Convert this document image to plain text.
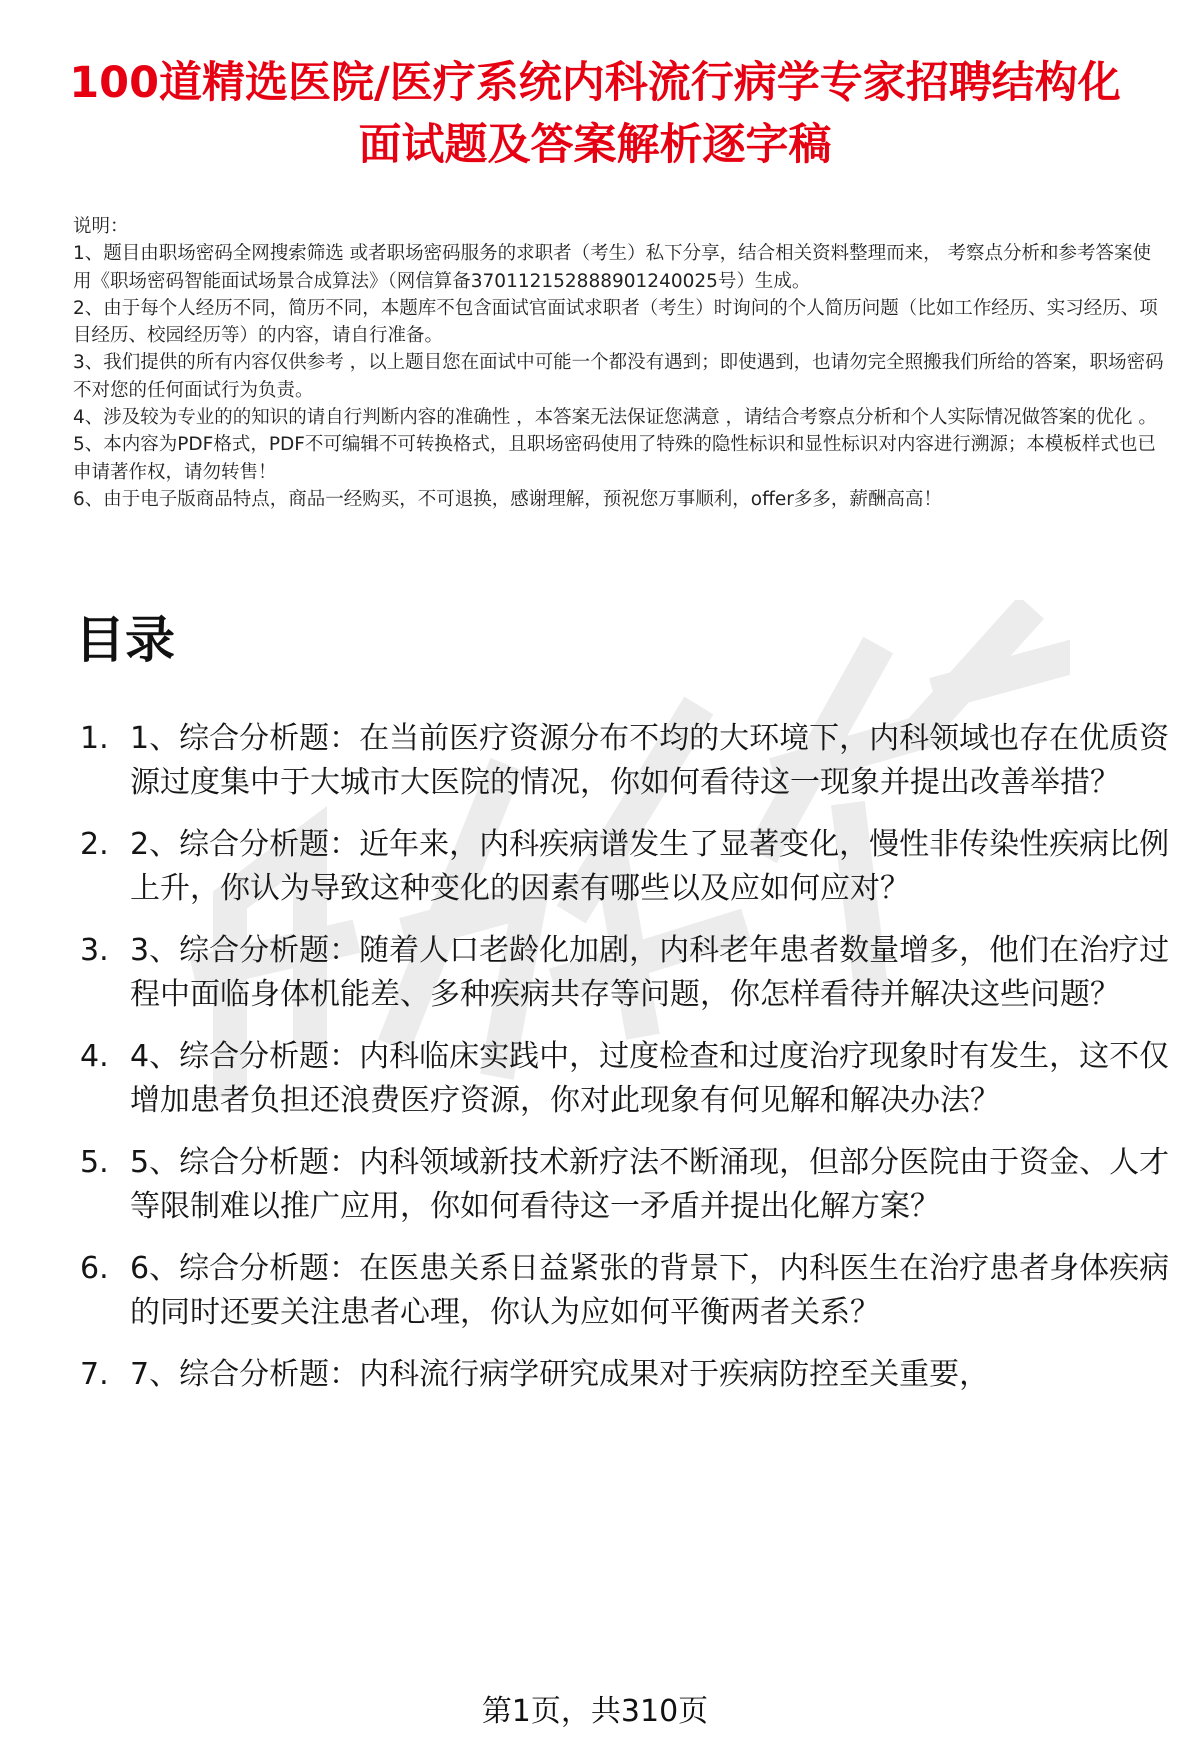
100道精选医院/医疗系统内科流行病学专家招聘结构化面试题及答案解析逐字稿

说明：

1、题目由职场密码全网搜索筛选 或者职场密码服务的求职者（考生）私下分享，结合相关资料整理而来， 考察点分析和参考答案使用《职场密码智能面试场景合成算法》（网信算备370112152888901240025号）生成。

2、由于每个人经历不同，简历不同，本题库不包含面试官面试求职者（考生）时询问的个人简历问题（比如工作经历、实习经历、项目经历、校园经历等）的内容，请自行准备。

3、我们提供的所有内容仅供参考 ，以上题目您在面试中可能一个都没有遇到；即使遇到，也请勿完全照搬我们所给的答案，职场密码不对您的任何面试行为负责。

4、涉及较为专业的的知识的请自行判断内容的准确性 ，本答案无法保证您满意 ，请结合考察点分析和个人实际情况做答案的优化 。

5、本内容为PDF格式，PDF不可编辑不可转换格式，且职场密码使用了特殊的隐性标识和显性标识对内容进行溯源；本模板样式也已申请著作权，请勿转售！

6、由于电子版商品特点，商品一经购买，不可退换，感谢理解，预祝您万事顺利，offer多多，薪酬高高！

目录
1. 1、综合分析题：在当前医疗资源分布不均的大环境下，内科领域也存在优质资源过度集中于大城市大医院的情况，你如何看待这一现象并提出改善举措？
2. 2、综合分析题：近年来，内科疾病谱发生了显著变化，慢性非传染性疾病比例上升，你认为导致这种变化的因素有哪些以及应如何应对？
3. 3、综合分析题：随着人口老龄化加剧，内科老年患者数量增多，他们在治疗过程中面临身体机能差、多种疾病共存等问题，你怎样看待并解决这些问题？
4. 4、综合分析题：内科临床实践中，过度检查和过度治疗现象时有发生，这不仅增加患者负担还浪费医疗资源，你对此现象有何见解和解决办法？
5. 5、综合分析题：内科领域新技术新疗法不断涌现，但部分医院由于资金、人才等限制难以推广应用，你如何看待这一矛盾并提出化解方案？
6. 6、综合分析题：在医患关系日益紧张的背景下，内科医生在治疗患者身体疾病的同时还要关注患者心理，你认为应如何平衡两者关系？
7. 7、综合分析题：内科流行病学研究成果对于疾病防控至关重要，
第1页，共310页
